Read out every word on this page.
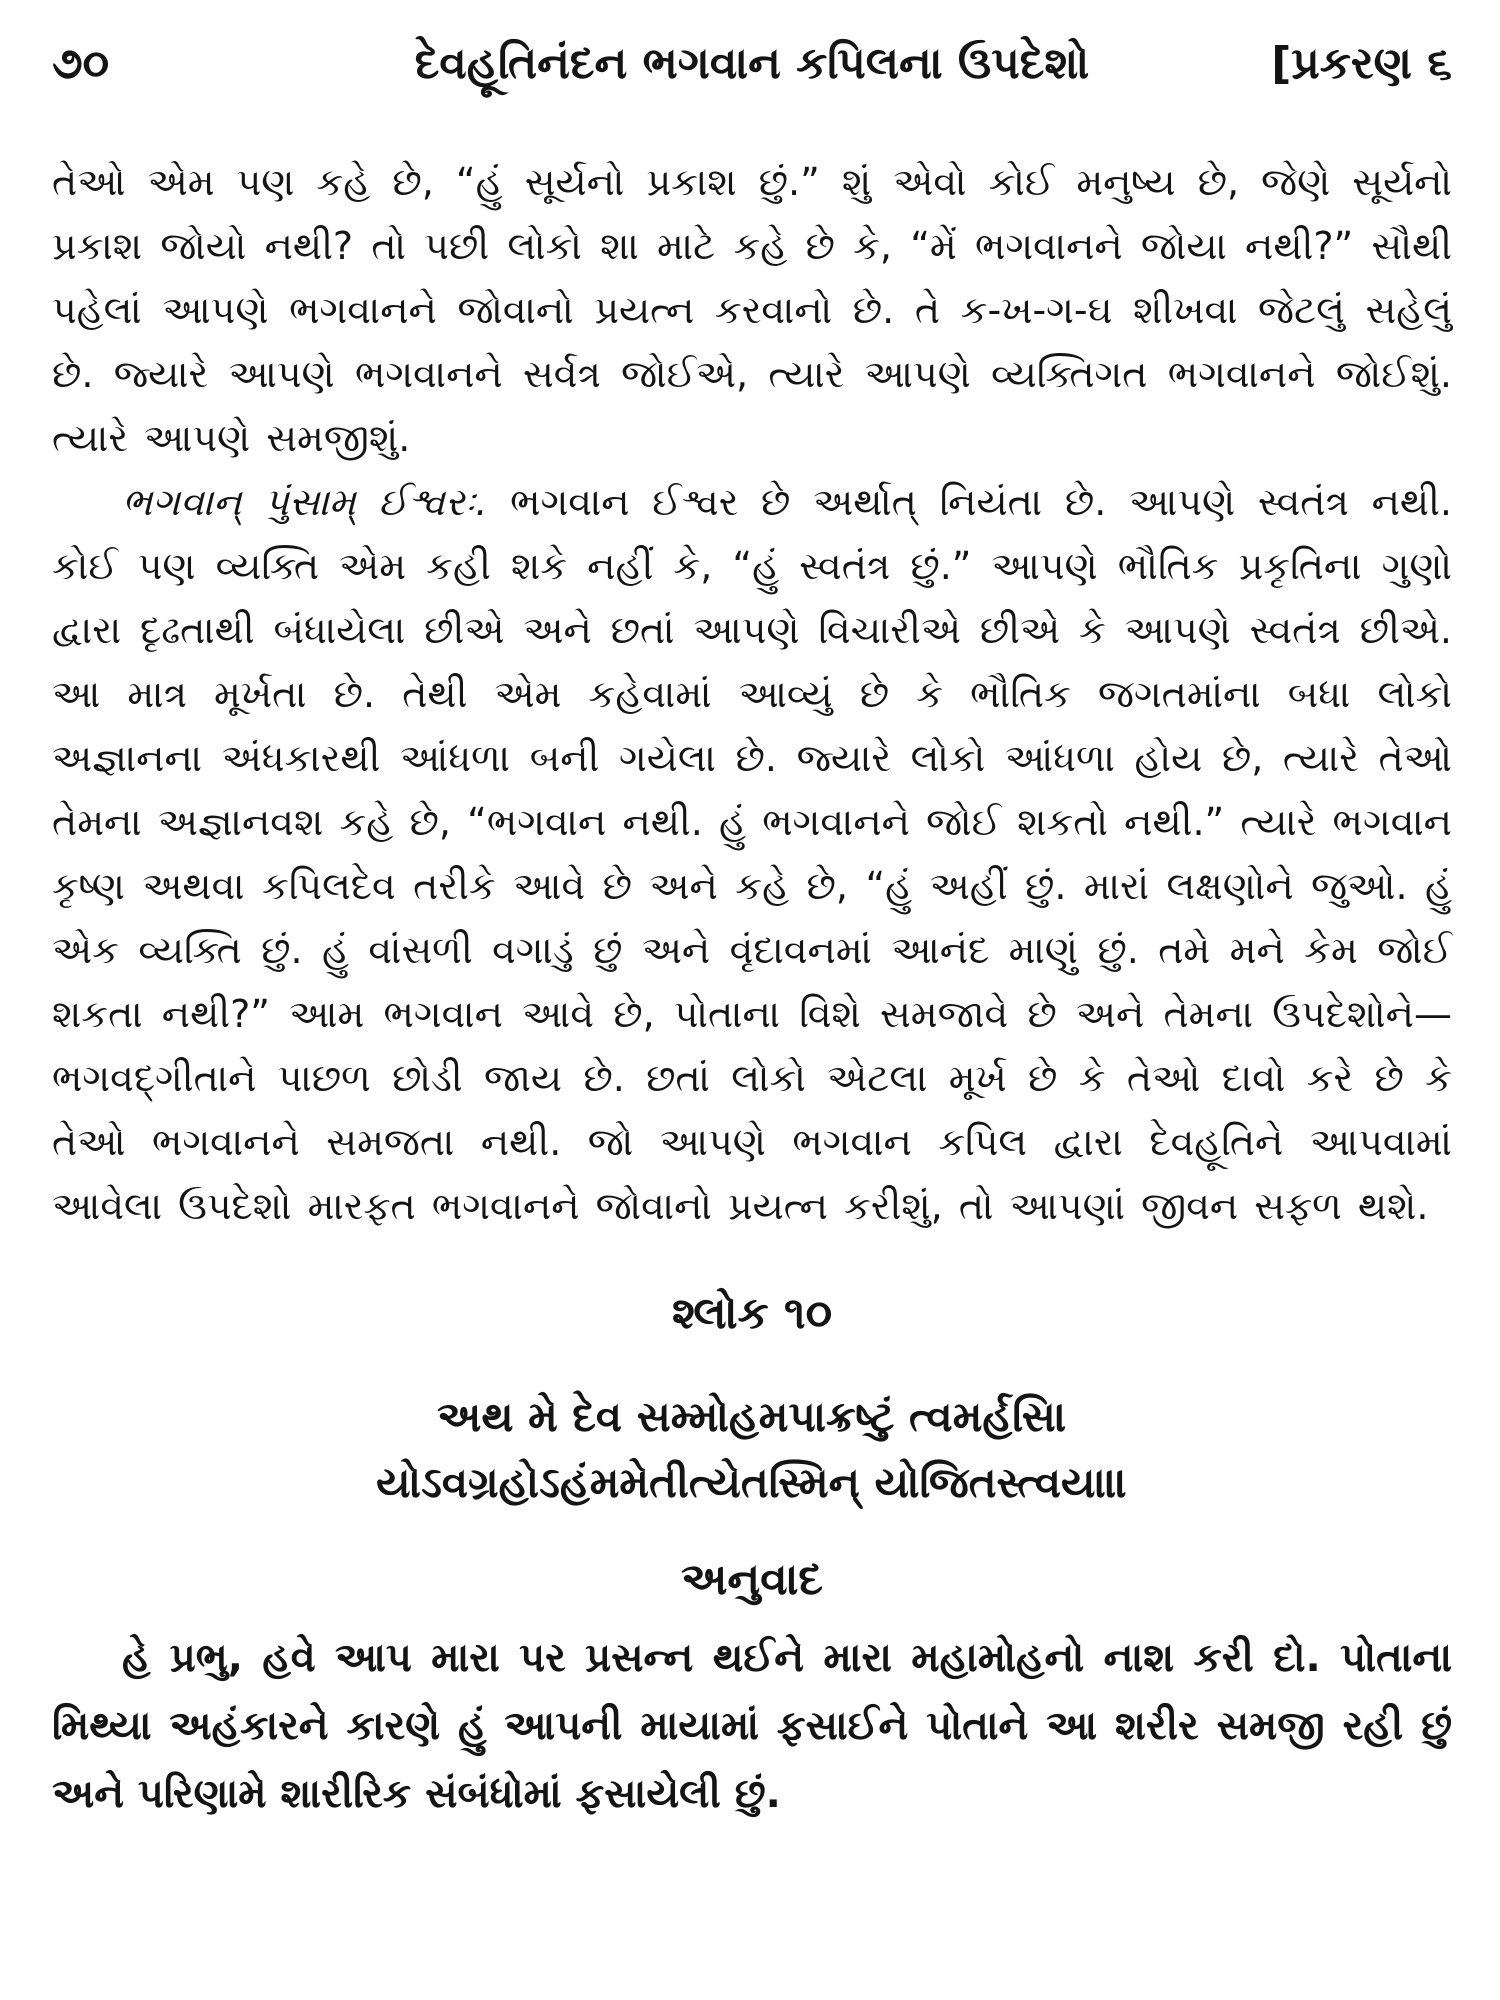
૭૦	દેવહૂતિનંદન ભગવાન કપિલના ઉપદેશો	[પ્રકરણ ૬

તેઓ એમ પણ કહે છે, “હું સૂર્યનો પ્રકાશ છું.” શું એવો કોઈ મનુષ્ય છે, જેણે સૂર્યનો પ્રકાશ જોયો નથી? તો પછી લોકો શા માટે કહે છે કે, “મેં ભગવાનને જોયા નથી?” સૌથી પહેલાં આપણે ભગવાનને જોવાનો પ્રયત્ન કરવાનો છે. તે ક-ખ-ગ-ઘ શીખવા જેટલું સહેલું છે. જ્યારે આપણે ભગવાનને સર્વત્ર જોઈએ, ત્યારે આપણે વ્યક્તિગત ભગવાનને જોઈશું. ત્યારે આપણે સમજીશું.

ભગવાન્ પુંસામ્ ઈશ્વરઃ. ભગવાન ઈશ્વર છે અર્થાત્ નિયંતા છે. આપણે સ્વતંત્ર નથી. કોઈ પણ વ્યક્તિ એમ કહી શકે નહીં કે, “હું સ્વતંત્ર છું.” આપણે ભૌતિક પ્રકૃતિના ગુણો દ્વારા દૃઢતાથી બંધાયેલા છીએ અને છતાં આપણે વિચારીએ છીએ કે આપણે સ્વતંત્ર છીએ. આ માત્ર મૂર્ખતા છે. તેથી એમ કહેવામાં આવ્યું છે કે ભૌતિક જગતમાંના બધા લોકો અજ્ઞાનના અંધકારથી આંધળા બની ગયેલા છે. જ્યારે લોકો આંધળા હોય છે, ત્યારે તેઓ તેમના અજ્ઞાનવશ કહે છે, “ભગવાન નથી. હું ભગવાનને જોઈ શકતો નથી.” ત્યારે ભગવાન કૃષ્ણ અથવા કપિલદેવ તરીકે આવે છે અને કહે છે, “હું અહીં છું. મારાં લક્ષણોને જુઓ. હું એક વ્યક્તિ છું. હું વાંસળી વગાડું છું અને વૃંદાવનમાં આનંદ માણું છું. તમે મને કેમ જોઈ શકતા નથી?” આમ ભગવાન આવે છે, પોતાના વિશે સમજાવે છે અને તેમના ઉપદેશોને— ભગવદ્‌ગીતાને પાછળ છોડી જાય છે. છતાં લોકો એટલા મૂર્ખ છે કે તેઓ દાવો કરે છે કે તેઓ ભગવાનને સમજતા નથી. જો આપણે ભગવાન કપિલ દ્વારા દેવહૂતિને આપવામાં આવેલા ઉપદેશો મારફત ભગવાનને જોવાનો પ્રયત્ન કરીશું, તો આપણાં જીવન સફળ થશે.

શ્લોક ૧૦
અથ મે દેવ સમ્મોહમપાક્રષ્ટું ત્વમર્હસિ।
યોઽવગ્રહોઽહંમમેતીત્યેતસ્મિન્ યોજિતસ્ત્વયા॥
અનુવાદ

હે પ્રભુ, હવે આપ મારા પર પ્રસન્ન થઈને મારા મહામોહનો નાશ કરી દો. પોતાના મિથ્યા અહંકારને કારણે હું આપની માયામાં ફસાઈને પોતાને આ શરીર સમજી રહી છું અને પરિણામે શારીરિક સંબંધોમાં ફસાયેલી છું.
